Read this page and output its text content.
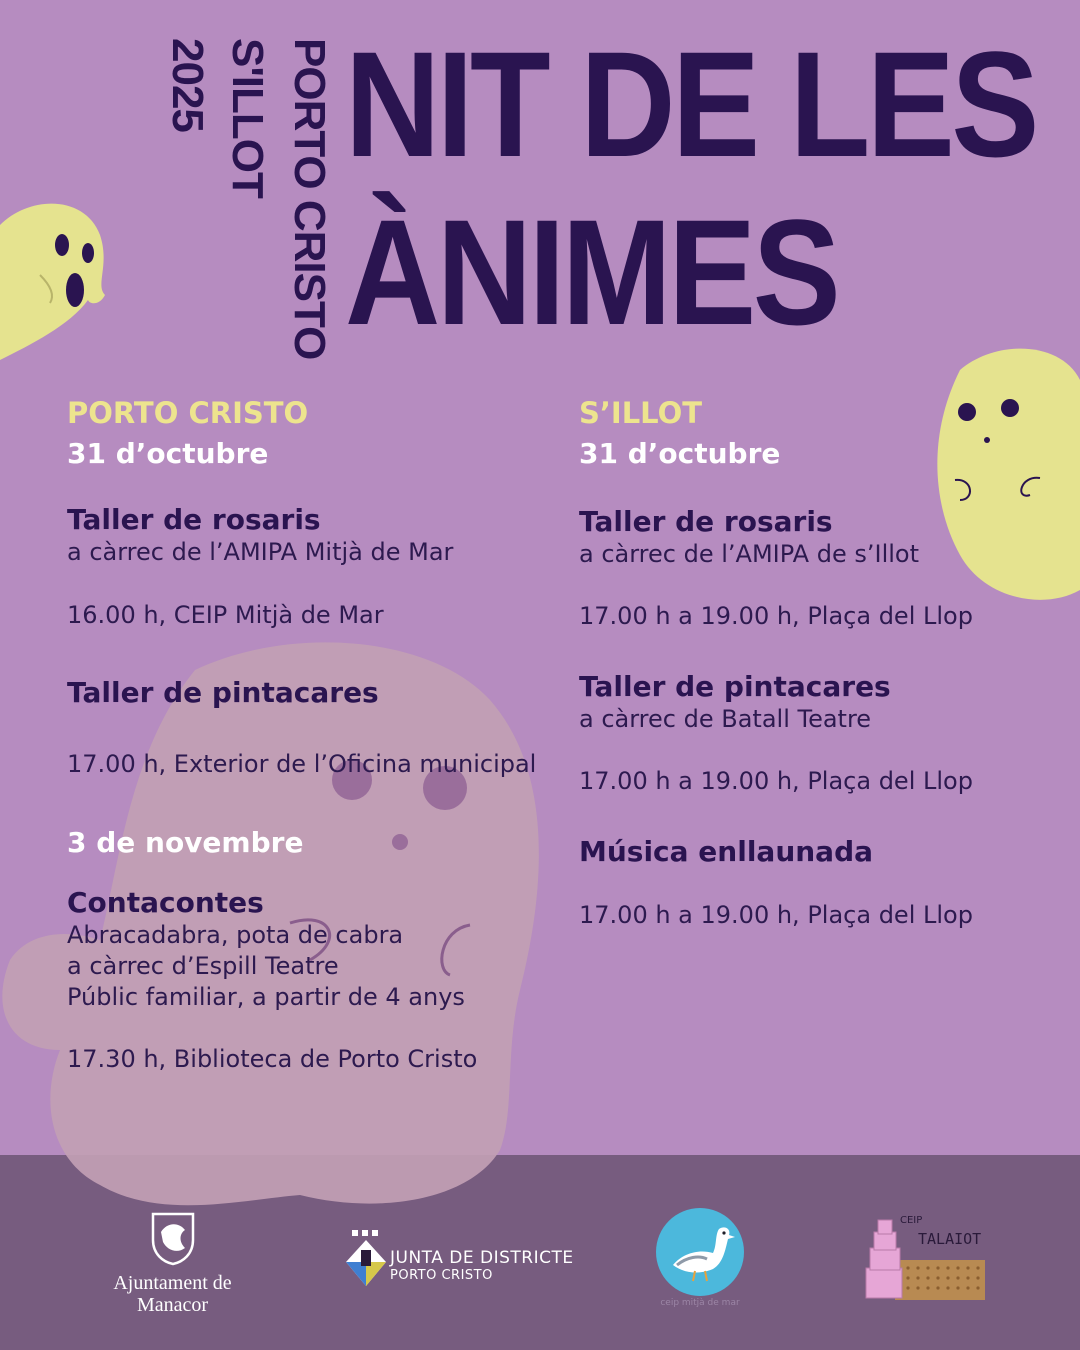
2025 S'ILLOT PORTO CRISTO NIT DE LES
ÀNIMES
PORTO CRISTO
31 d’octubre
Taller de rosaris
a càrrec de l’AMIPA Mitjà de Mar
16.00 h, CEIP Mitjà de Mar
Taller de pintacares
17.00 h, Exterior de l’Oficina municipal
3 de novembre
Contacontes
Abracadabra, pota de cabra
a càrrec d’Espill Teatre
Públic familiar, a partir de 4 anys
17.30 h, Biblioteca de Porto Cristo
S’ILLOT
31 d’octubre
Taller de rosaris
a càrrec de l’AMIPA de s’Illot
17.00 h a 19.00 h, Plaça del Llop
Taller de pintacares
a càrrec de Batall Teatre
17.00 h a 19.00 h, Plaça del Llop
Música enllaunada
17.00 h a 19.00 h, Plaça del Llop
Ajuntament de
Manacor
JUNTA DE DISTRICTE
PORTO CRISTO
ceip mitjà de mar
CEIP
TALAIOT
